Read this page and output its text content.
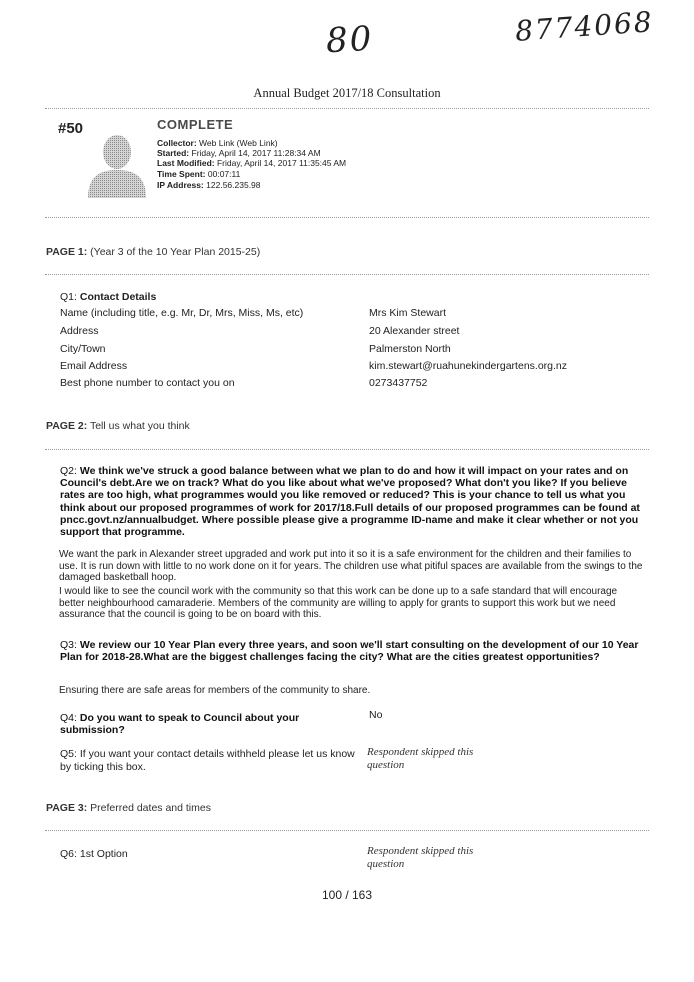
80	8774068
Annual Budget 2017/18 Consultation
#50	COMPLETE
Collector: Web Link (Web Link)
Started: Friday, April 14, 2017 11:28:34 AM
Last Modified: Friday, April 14, 2017 11:35:45 AM
Time Spent: 00:07:11
IP Address: 122.56.235.98
PAGE 1: (Year 3 of the 10 Year Plan 2015-25)
Q1: Contact Details
Name (including title, e.g. Mr, Dr, Mrs, Miss, Ms, etc)	Mrs Kim Stewart
Address	20 Alexander street
City/Town	Palmerston North
Email Address	kim.stewart@ruahunekindergartens.org.nz
Best phone number to contact you on	0273437752
PAGE 2: Tell us what you think
Q2: We think we've struck a good balance between what we plan to do and how it will impact on your rates and on Council's debt.Are we on track? What do you like about what we've proposed? What don't you like? If you believe rates are too high, what programmes would you like removed or reduced? This is your chance to tell us what you think about our proposed programmes of work for 2017/18.Full details of our proposed programmes can be found at pncc.govt.nz/annualbudget. Where possible please give a programme ID-name and make it clear whether or not you support that programme.
We want the park in Alexander street upgraded and work put into it so it is a safe environment for the children and their families to use. It is run down with little to no work done on it for years. The children use what pitiful spaces are available from the swings to the damaged basketball hoop.
I would like to see the council work with the community so that this work can be done up to a safe standard that will encourage better neighbourhood camaraderie. Members of the community are willing to apply for grants to support this work but we need assurance that the council is going to be on board with this.
Q3: We review our 10 Year Plan every three years, and soon we'll start consulting on the development of our 10 Year Plan for 2018-28.What are the biggest challenges facing the city? What are the cities greatest opportunities?
Ensuring there are safe areas for members of the community to share.
Q4: Do you want to speak to Council about your submission?
No
Q5: If you want your contact details withheld please let us know by ticking this box.
Respondent skipped this question
PAGE 3: Preferred dates and times
Q6: 1st Option	Respondent skipped this question
100 / 163
